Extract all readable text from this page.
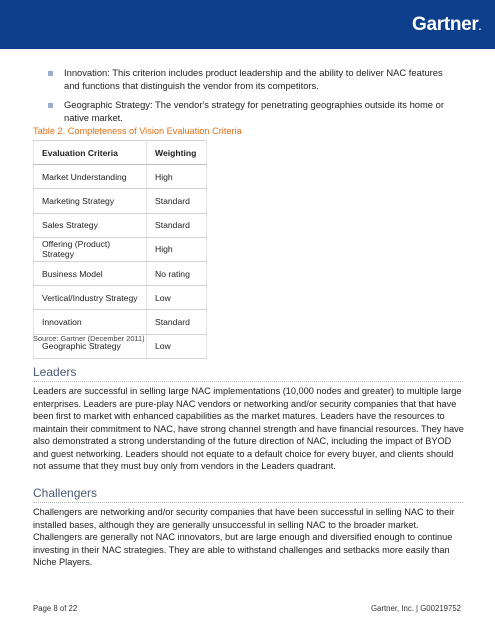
Gartner.
Innovation: This criterion includes product leadership and the ability to deliver NAC features and functions that distinguish the vendor from its competitors.
Geographic Strategy: The vendor's strategy for penetrating geographies outside its home or native market.
Table 2. Completeness of Vision Evaluation Criteria
Evaluation Criteria	Weighting
Market Understanding	High
Marketing Strategy	Standard
Sales Strategy	Standard
Offering (Product) Strategy	High
Business Model	No rating
Vertical/Industry Strategy	Low
Innovation	Standard
Geographic Strategy	Low
Source: Gartner (December 2011)
Leaders
Leaders are successful in selling large NAC implementations (10,000 nodes and greater) to multiple large enterprises. Leaders are pure-play NAC vendors or networking and/or security companies that that have been first to market with enhanced capabilities as the market matures. Leaders have the resources to maintain their commitment to NAC, have strong channel strength and have financial resources. They have also demonstrated a strong understanding of the future direction of NAC, including the impact of BYOD and guest networking. Leaders should not equate to a default choice for every buyer, and clients should not assume that they must buy only from vendors in the Leaders quadrant.
Challengers
Challengers are networking and/or security companies that have been successful in selling NAC to their installed bases, although they are generally unsuccessful in selling NAC to the broader market. Challengers are generally not NAC innovators, but are large enough and diversified enough to continue investing in their NAC strategies. They are able to withstand challenges and setbacks more easily than Niche Players.
Page 8 of 22	Gartner, Inc. | G00219752
